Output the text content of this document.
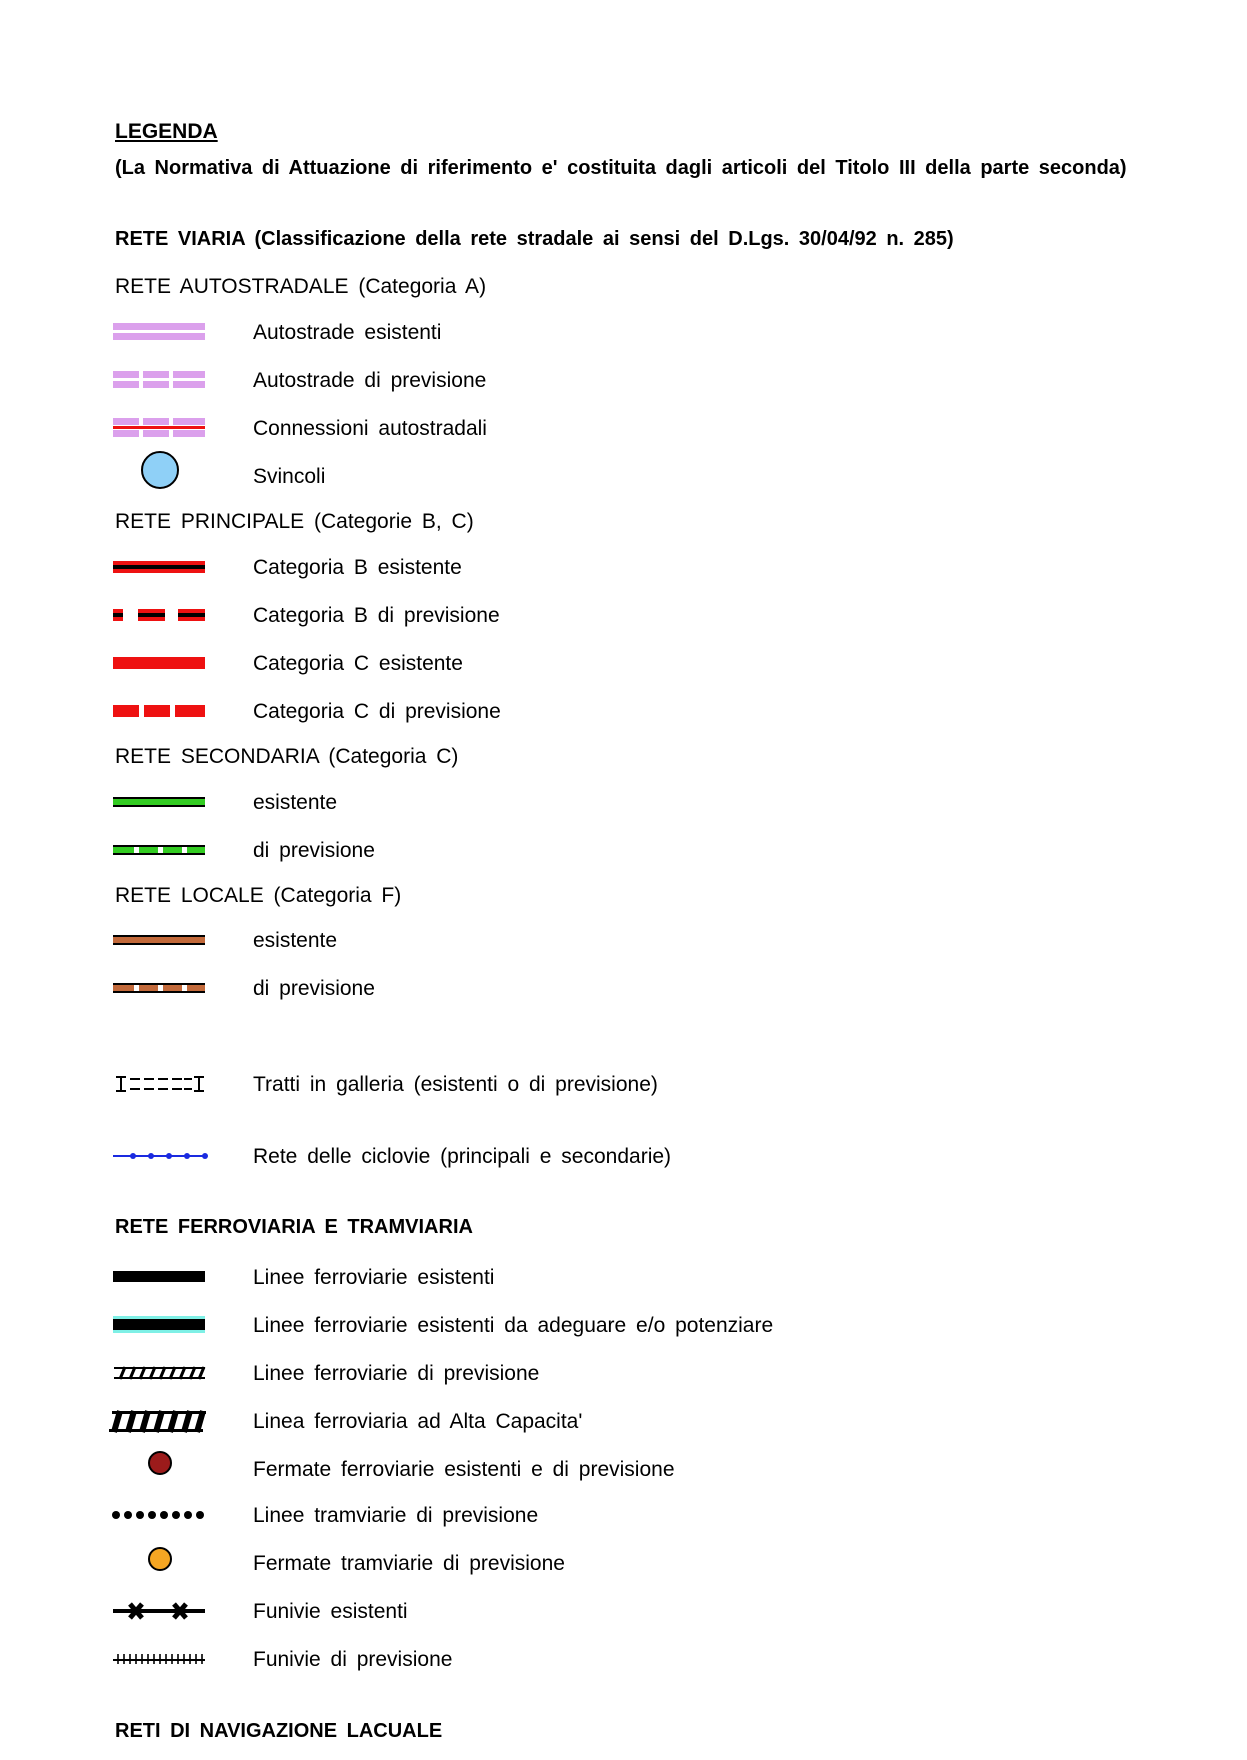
LEGENDA
(La Normativa di Attuazione di riferimento e' costituita dagli articoli del Titolo III della parte seconda)
RETE VIARIA (Classificazione della rete stradale ai sensi del D.Lgs. 30/04/92 n. 285)
RETE AUTOSTRADALE (Categoria A)
Autostrade esistenti
Autostrade di previsione
Connessioni autostradali
Svincoli
RETE PRINCIPALE (Categorie B, C)
Categoria B esistente
Categoria B di previsione
Categoria C esistente
Categoria C di previsione
RETE SECONDARIA (Categoria C)
esistente
di previsione
RETE LOCALE (Categoria F)
esistente
di previsione
Tratti in galleria (esistenti o di previsione)
Rete delle ciclovie (principali e secondarie)
RETE FERROVIARIA E TRAMVIARIA
Linee ferroviarie esistenti
Linee ferroviarie esistenti da adeguare e/o potenziare
Linee ferroviarie di previsione
Linea ferroviaria ad Alta Capacita'
Fermate ferroviarie esistenti e di previsione
Linee tramviarie di previsione
Fermate tramviarie di previsione
Funivie esistenti
Funivie di previsione
RETI DI NAVIGAZIONE LACUALE
